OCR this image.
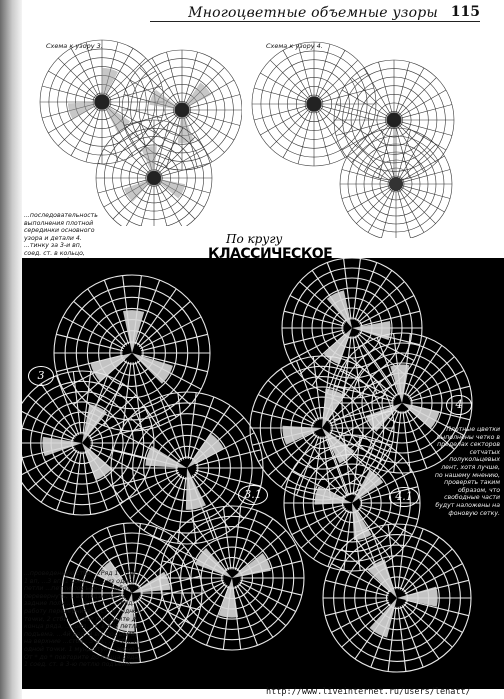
Многоцветные объемные узоры 115
Схема к узору 3.	Схема к узору 4.
...последовательность выполнения плотной серединки основного узора и детали 4. ...тинку за 3-и вп, соед. ст. в кольцо,
Плотные цветки выполнены четко в пределах секторов сетчатых полукольцевых лент, хотя лучше, по нашему мнению, проверять таким образом, что свободные части будут наложены на фоновую сетку.
3
4
3.1	4.1
По кругу
КЛАССИЧЕСКОЕ ФИЛЕ
...проведенную стби. ...Ряд 1 стби., 1 вп, ...3 вп, 1 соед. ст. ...из одной петли ...петли подъема. ...работу перевернуть, ...вп подъема, за задние полу... ...3 ст. с 1 ... ...ряд: работу переверните, ...ст. из одной точки, 2 стби. ...* до* повторите до конца ряда, ...соед. ст. в 3-ю петлю подъема. ...4й ряд: 3 вп. подъема, на верхние ...стби., 3 вп., ...стби. из одной точки. 1 мундштук ...зерно.* От * до * повторите до конца ряда, 1 соед. ст. в 3-ю петлю подъема.
http://www.liveinternet.ru/users/lenatt/
